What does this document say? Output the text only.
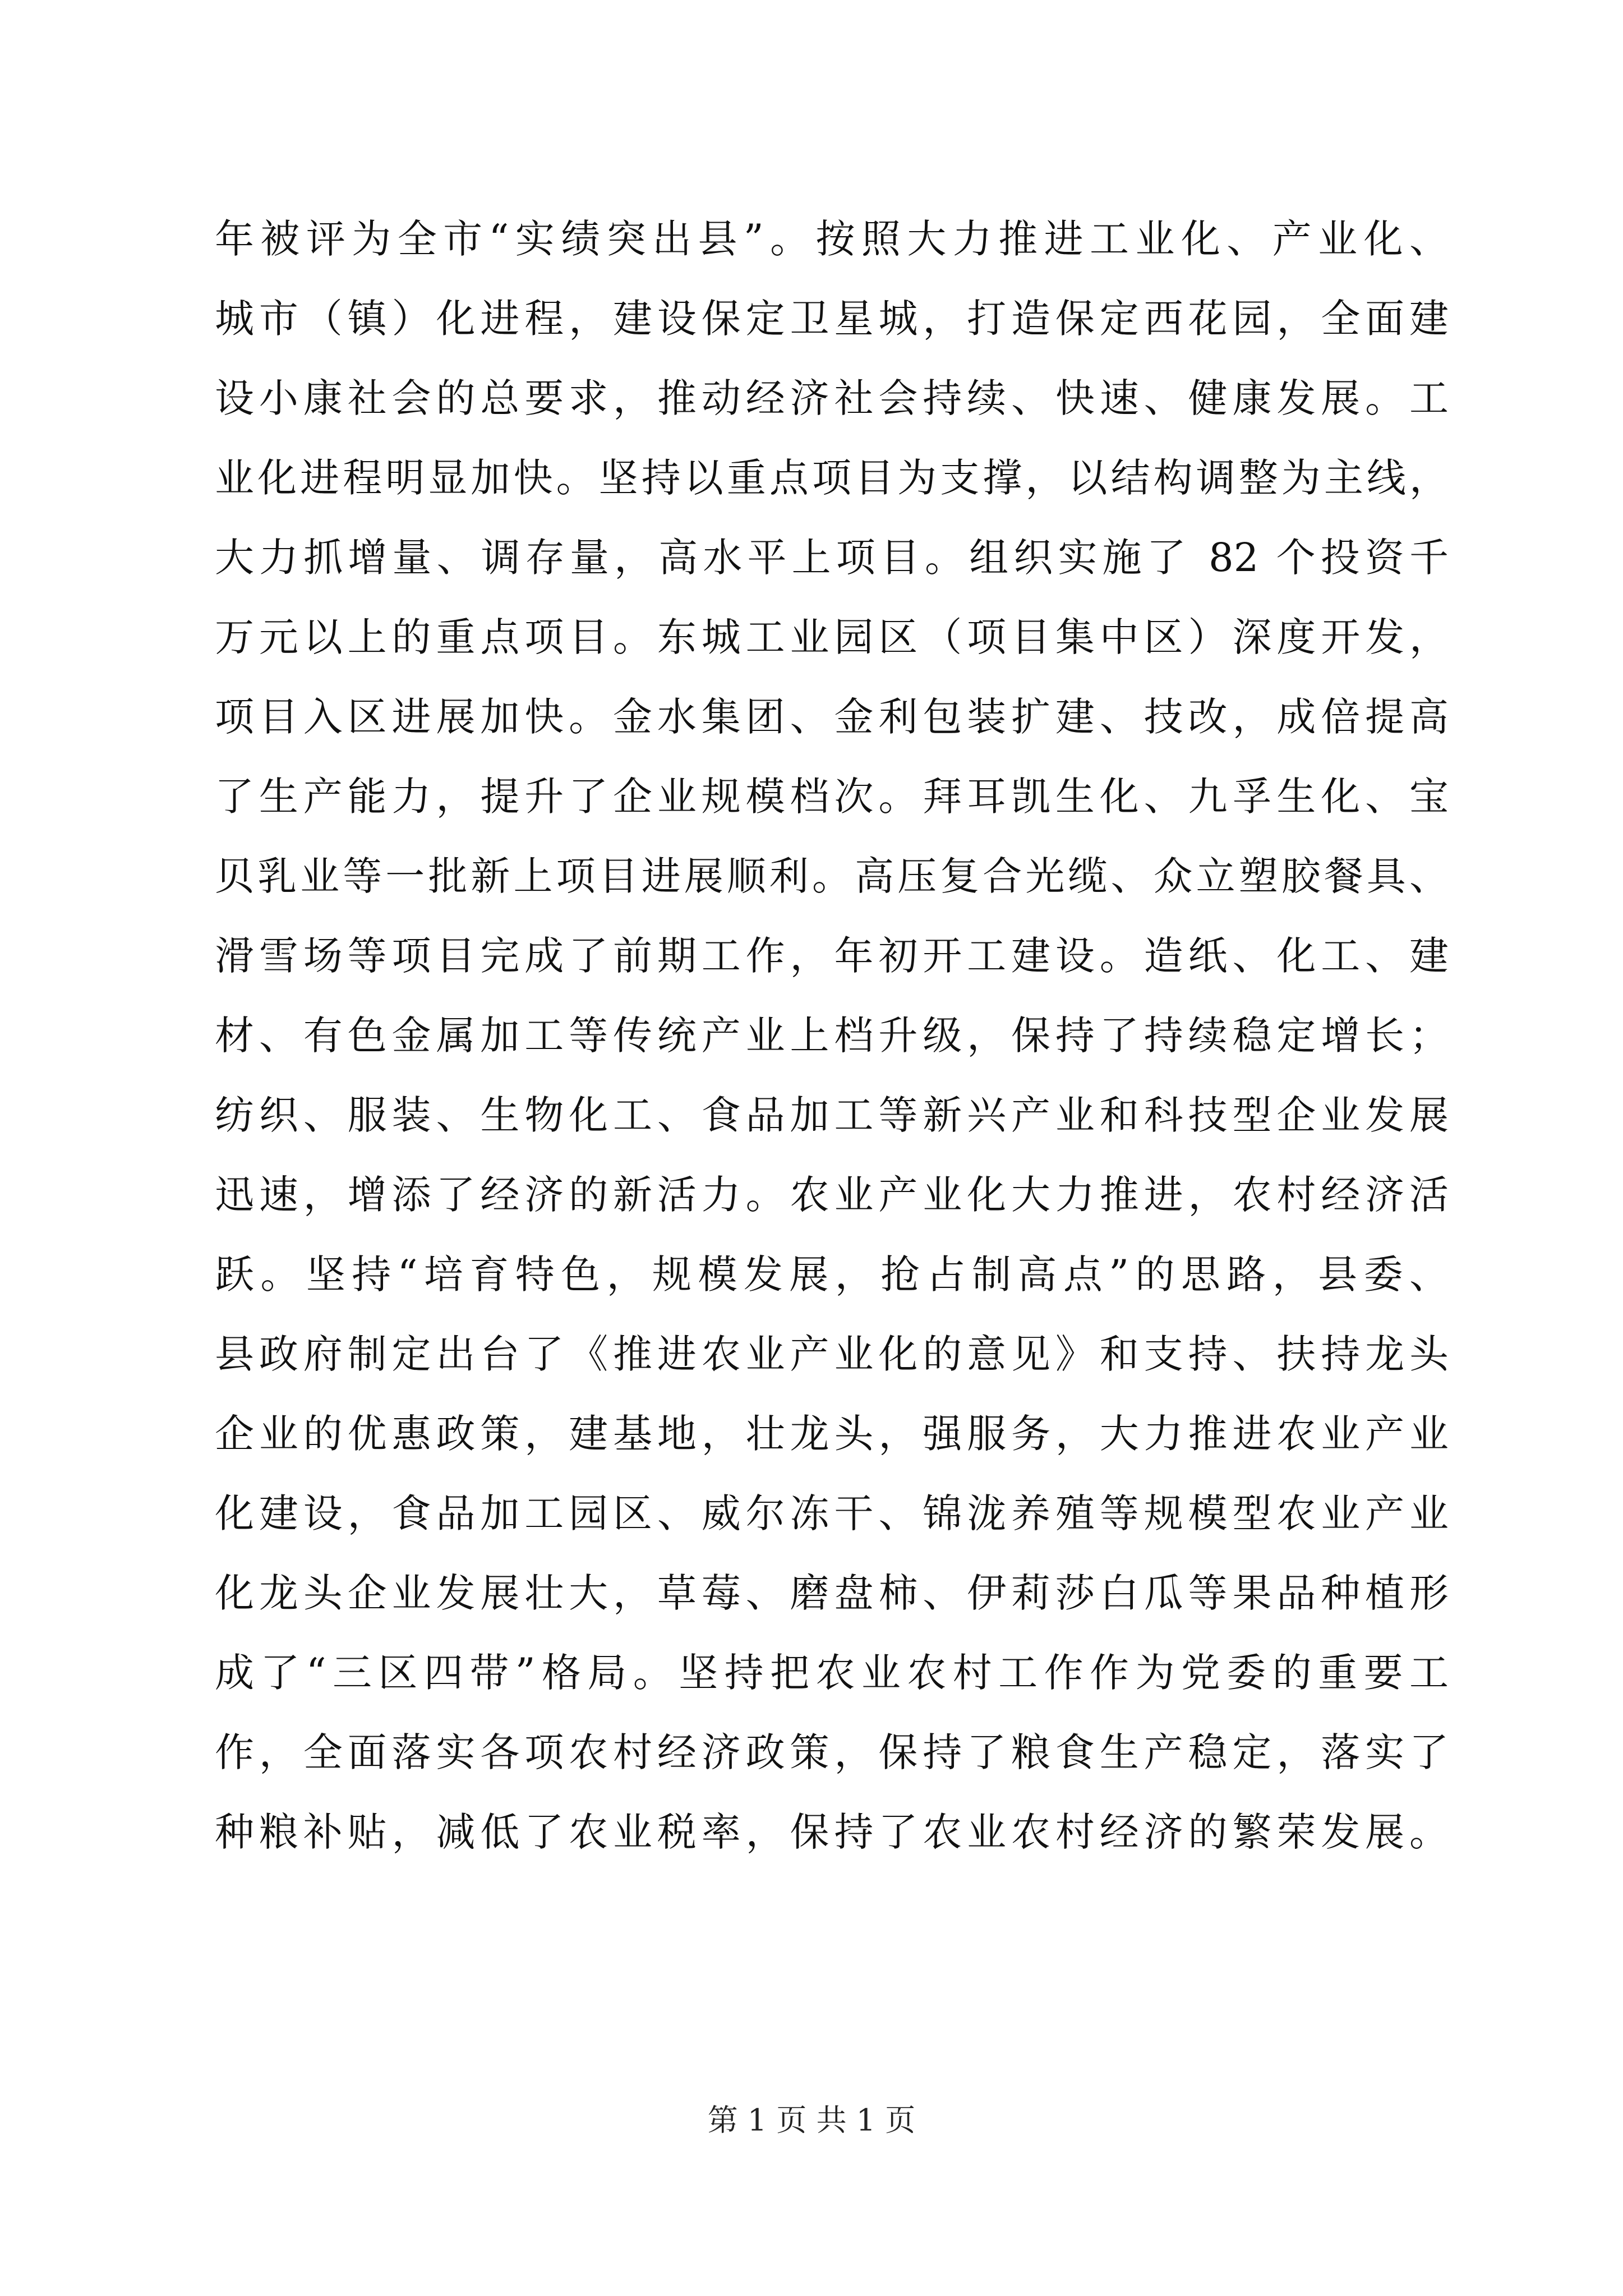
年被评为全市“实绩突出县”。按照大力推进工业化、产业化、
城市（镇）化进程，建设保定卫星城，打造保定西花园，全面建
设小康社会的总要求，推动经济社会持续、快速、健康发展。工
业化进程明显加快。坚持以重点项目为支撑，以结构调整为主线，
大力抓增量、调存量，高水平上项目。组织实施了 82 个投资千
万元以上的重点项目。东城工业园区（项目集中区）深度开发，
项目入区进展加快。金水集团、金利包装扩建、技改，成倍提高
了生产能力，提升了企业规模档次。拜耳凯生化、九孚生化、宝
贝乳业等一批新上项目进展顺利。高压复合光缆、众立塑胶餐具、
滑雪场等项目完成了前期工作，年初开工建设。造纸、化工、建
材、有色金属加工等传统产业上档升级，保持了持续稳定增长；
纺织、服装、生物化工、食品加工等新兴产业和科技型企业发展
迅速，增添了经济的新活力。农业产业化大力推进，农村经济活
跃。坚持“培育特色，规模发展，抢占制高点”的思路，县委、
县政府制定出台了《推进农业产业化的意见》和支持、扶持龙头
企业的优惠政策，建基地，壮龙头，强服务，大力推进农业产业
化建设，食品加工园区、威尔冻干、锦泷养殖等规模型农业产业
化龙头企业发展壮大，草莓、磨盘柿、伊莉莎白瓜等果品种植形
成了“三区四带”格局。坚持把农业农村工作作为党委的重要工
作，全面落实各项农村经济政策，保持了粮食生产稳定，落实了
种粮补贴，减低了农业税率，保持了农业农村经济的繁荣发展。
第 1 页 共 1 页
